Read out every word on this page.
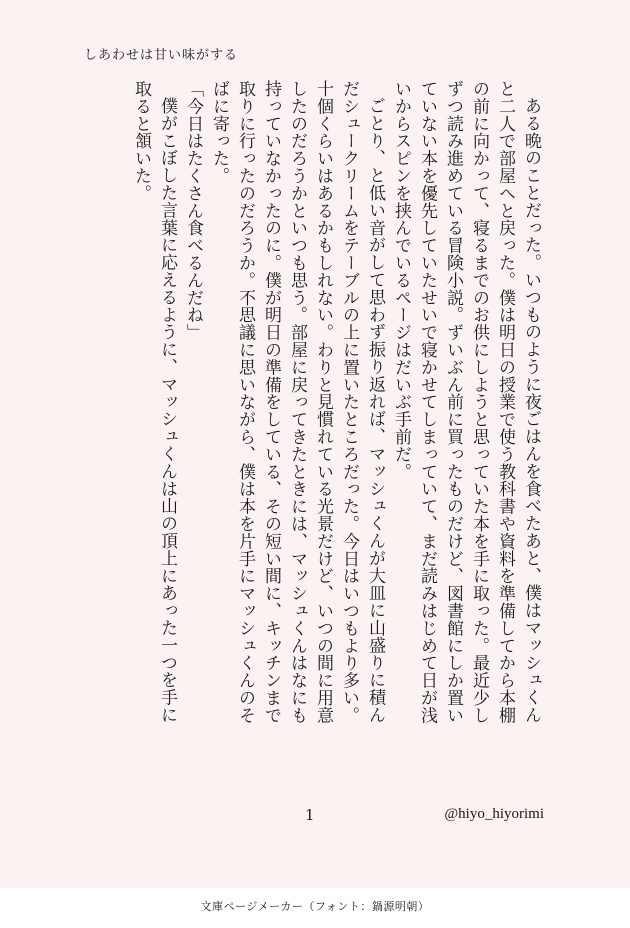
しあわせは甘い味がする

ある晩のことだった。いつものように夜ごはんを食べたあと、僕はマッシュくんと二人で部屋へと戻った。僕は明日の授業で使う教科書や資料を準備してから本棚の前に向かって、寝るまでのお供にしようと思っていた本を手に取った。最近少しずつ読み進めている冒険小説。ずいぶん前に買ったものだけど、図書館にしか置いていない本を優先していたせいで寝かせてしまっていて、まだ読みはじめて日が浅いからスピンを挟んでいるページはだいぶ手前だ。

ごとり、と低い音がして思わず振り返れば、マッシュくんが大皿に山盛りに積んだシュークリームをテーブルの上に置いたところだった。今日はいつもより多い。十個くらいはあるかもしれない。わりと見慣れている光景だけど、いつの間に用意したのだろうかといつも思う。部屋に戻ってきたときには、マッシュくんはなにも持っていなかったのに。僕が明日の準備をしている、その短い間に、キッチンまで取りに行ったのだろうか。不思議に思いながら、僕は本を片手にマッシュくんのそばに寄った。

「今日はたくさん食べるんだね」

僕がこぼした言葉に応えるように、マッシュくんは山の頂上にあった一つを手に取ると頷いた。

1	@hiyo_hiyorimi
文庫ページメーカー（フォント：鍋源明朝）
